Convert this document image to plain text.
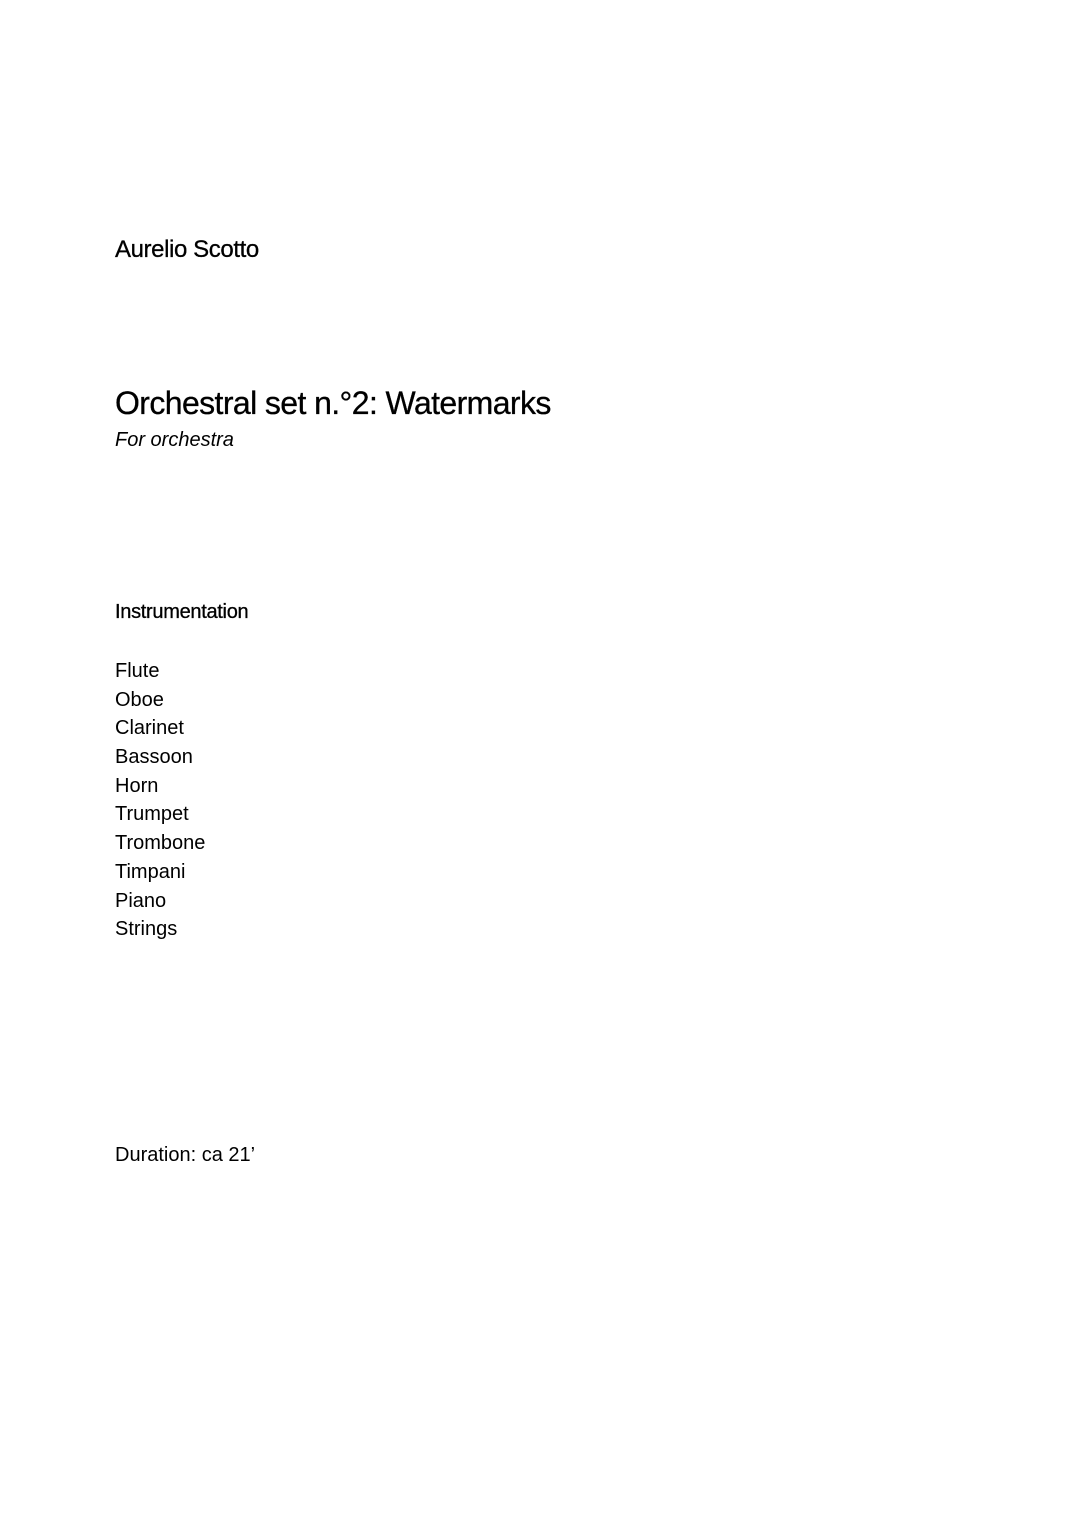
Aurelio Scotto
Orchestral set n.°2: Watermarks

For orchestra

Instrumentation
Flute
Oboe
Clarinet
Bassoon
Horn
Trumpet
Trombone
Timpani
Piano
Strings

Duration: ca 21’
